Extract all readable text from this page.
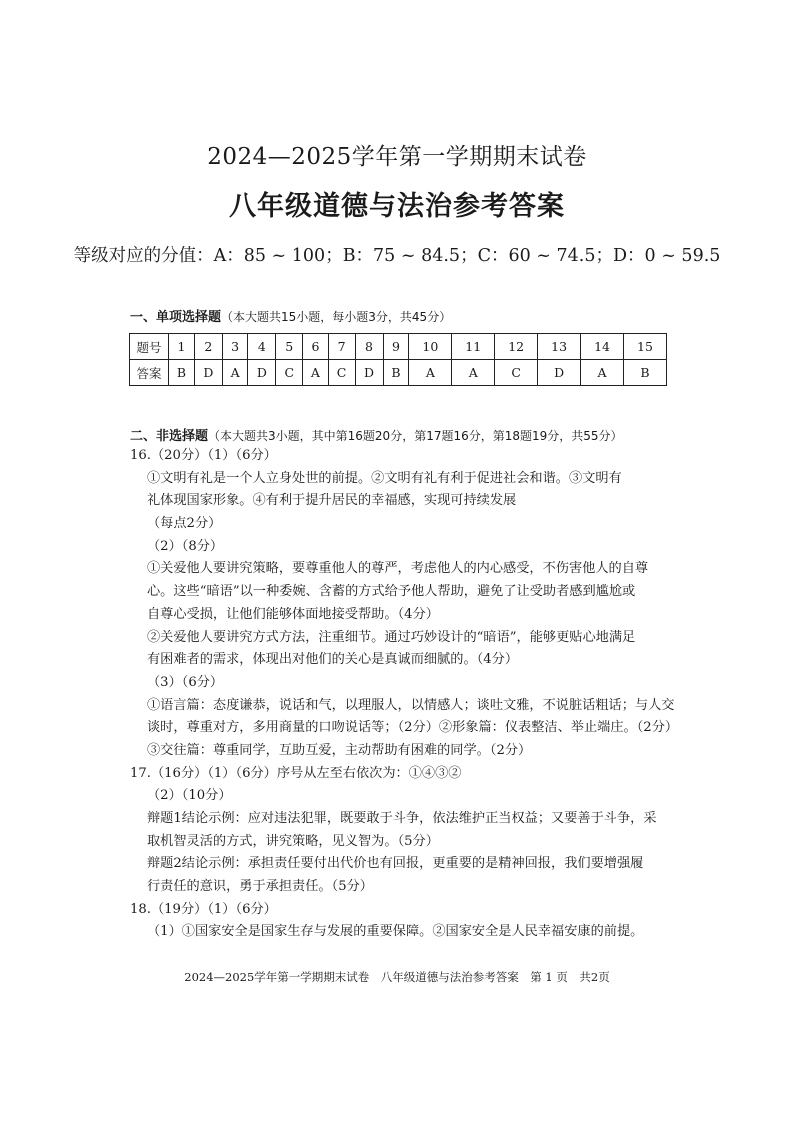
2024—2025学年第一学期期末试卷
八年级道德与法治参考答案
等级对应的分值：A：85 ~ 100；B：75 ~ 84.5；C：60 ~ 74.5；D：0 ~ 59.5
一、单项选择题（本大题共15小题，每小题3分，共45分）
题号	1	2	3	4	5	6	7	8	9	10	11	12	13	14	15
答案	B	D	A	D	C	A	C	D	B	A	A	C	D	A	B
二、非选择题（本大题共3小题，其中第16题20分，第17题16分，第18题19分，共55分）
16.（20分）（1）（6分）
①文明有礼是一个人立身处世的前提。②文明有礼有利于促进社会和谐。③文明有
礼体现国家形象。④有利于提升居民的幸福感，实现可持续发展
（每点2分）
（2）（8分）
①关爱他人要讲究策略，要尊重他人的尊严，考虑他人的内心感受，不伤害他人的自尊
心。这些“暗语”以一种委婉、含蓄的方式给予他人帮助，避免了让受助者感到尴尬或
自尊心受损，让他们能够体面地接受帮助。（4分）
②关爱他人要讲究方式方法，注重细节。通过巧妙设计的“暗语”，能够更贴心地满足
有困难者的需求，体现出对他们的关心是真诚而细腻的。（4分）
（3）（6分）
①语言篇：态度谦恭，说话和气，以理服人，以情感人；谈吐文雅，不说脏话粗话；与人交
谈时，尊重对方，多用商量的口吻说话等；（2分）②形象篇：仪表整洁、举止端庄。（2分）
③交往篇：尊重同学，互助互爱，主动帮助有困难的同学。（2分）
17.（16分）（1）（6分）序号从左至右依次为：①④③②
（2）（10分）
辩题1结论示例：应对违法犯罪，既要敢于斗争，依法维护正当权益；又要善于斗争，采
取机智灵活的方式，讲究策略，见义智为。（5分）
辩题2结论示例：承担责任要付出代价也有回报，更重要的是精神回报，我们要增强履
行责任的意识，勇于承担责任。（5分）
18.（19分）（1）（6分）
（1）①国家安全是国家生存与发展的重要保障。②国家安全是人民幸福安康的前提。
2024—2025学年第一学期期末试卷　八年级道德与法治参考答案　第 1 页　共2页
